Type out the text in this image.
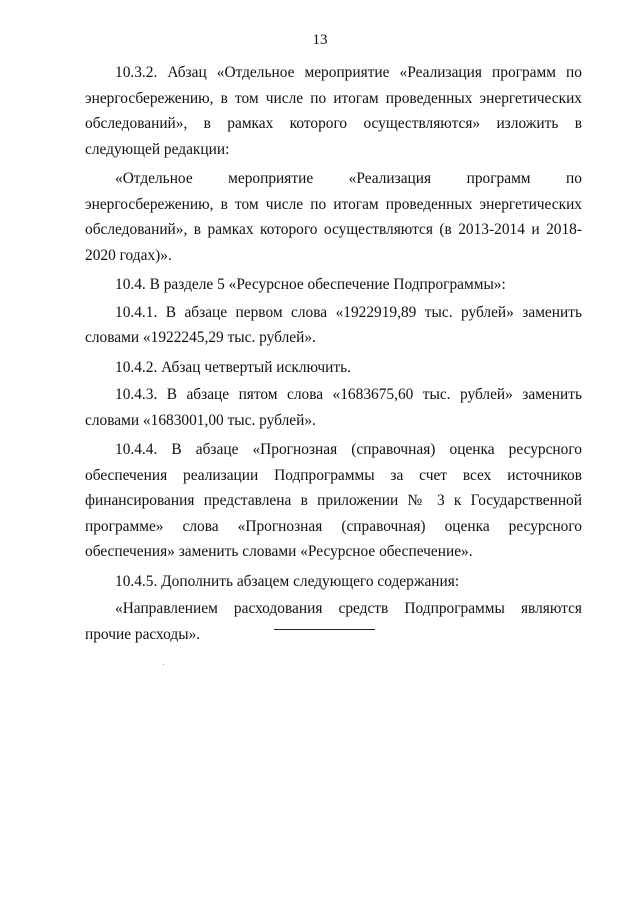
13

10.3.2. Абзац «Отдельное мероприятие «Реализация программ по энергосбережению, в том числе по итогам проведенных энергетических обследований», в рамках которого осуществляются» изложить в следующей редакции:

«Отдельное мероприятие «Реализация программ по энергосбережению, в том числе по итогам проведенных энергетических обследований», в рамках которого осуществляются (в 2013-2014 и 2018-2020 годах)».

10.4. В разделе 5 «Ресурсное обеспечение Подпрограммы»:

10.4.1. В абзаце первом слова «1922919,89 тыс. рублей» заменить словами «1922245,29 тыс. рублей».

10.4.2. Абзац четвертый исключить.

10.4.3. В абзаце пятом слова «1683675,60 тыс. рублей» заменить словами «1683001,00 тыс. рублей».

10.4.4. В абзаце «Прогнозная (справочная) оценка ресурсного обеспечения реализации Подпрограммы за счет всех источников финансирования представлена в приложении № 3 к Государственной программе» слова «Прогнозная (справочная) оценка ресурсного обеспечения» заменить словами «Ресурсное обеспечение».

10.4.5. Дополнить абзацем следующего содержания:

«Направлением расходования средств Подпрограммы являются прочие расходы».
